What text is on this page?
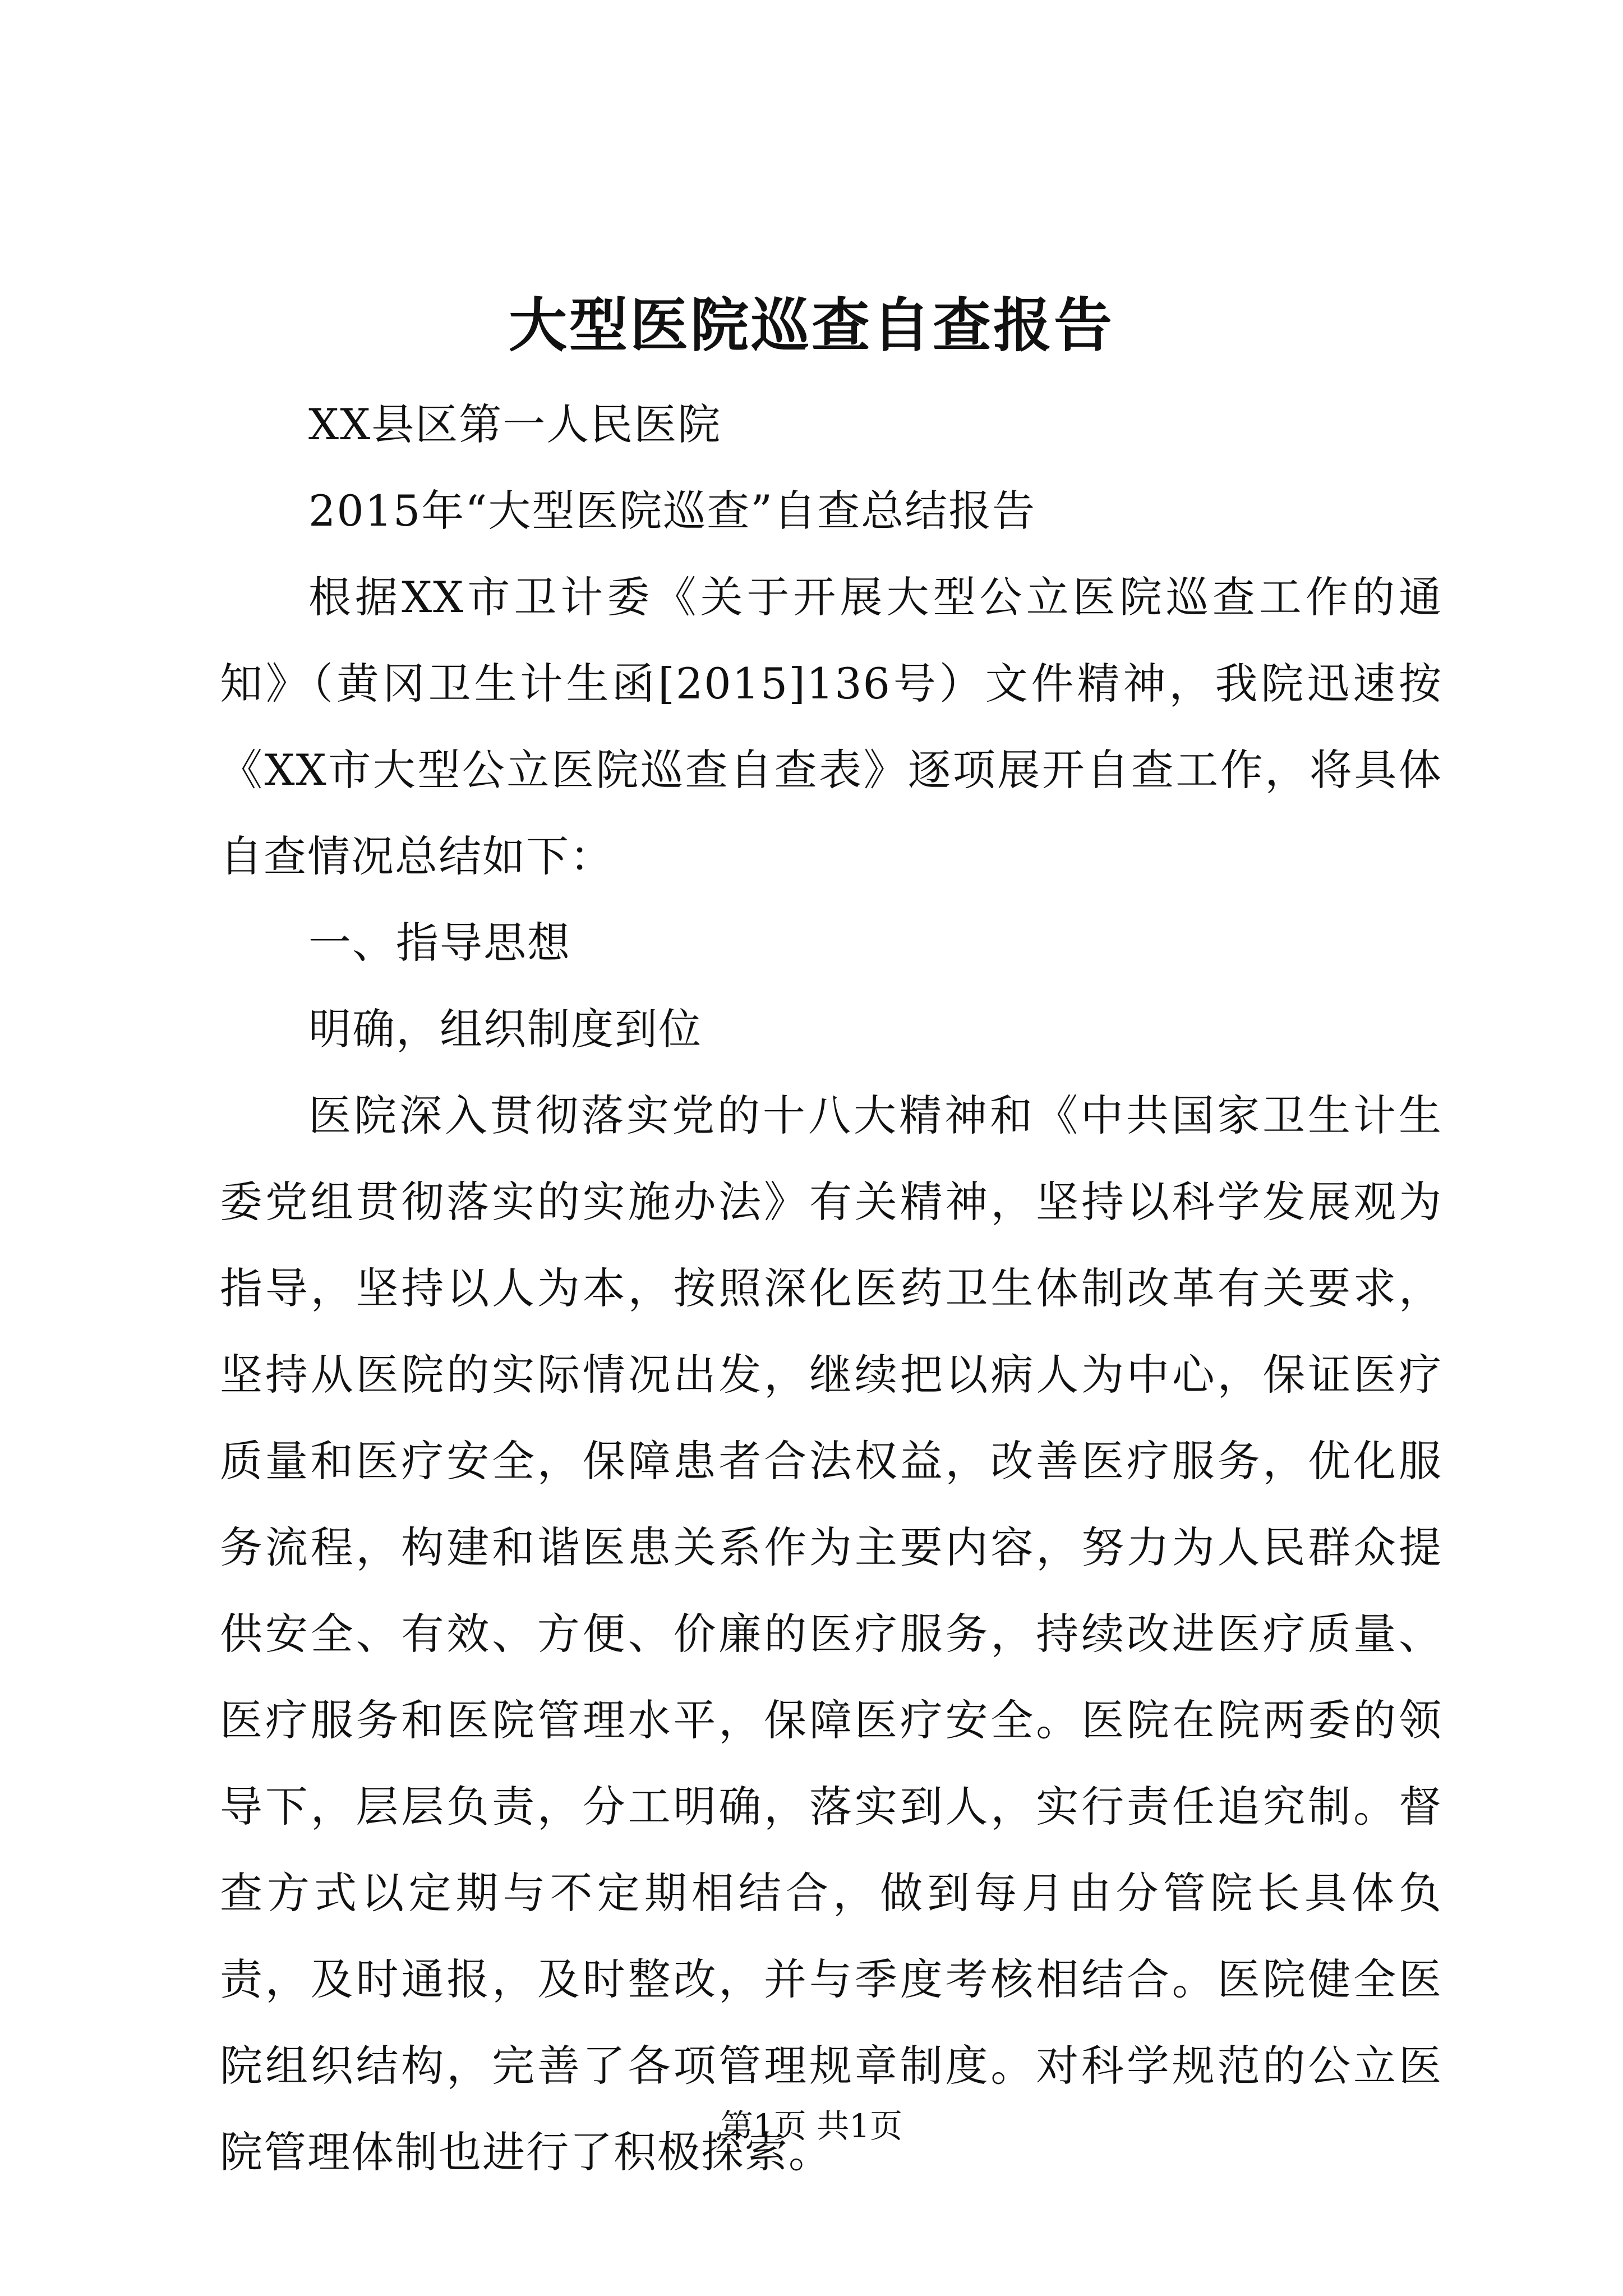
大型医院巡查自查报告

XX县区第一人民医院

2015年“大型医院巡查”自查总结报告

根据XX市卫计委《关于开展大型公立医院巡查工作的通知》（黄冈卫生计生函[2015]136号）文件精神，我院迅速按《XX市大型公立医院巡查自查表》逐项展开自查工作，将具体自查情况总结如下：

一、指导思想

明确，组织制度到位

医院深入贯彻落实党的十八大精神和《中共国家卫生计生委党组贯彻落实的实施办法》有关精神，坚持以科学发展观为指导，坚持以人为本，按照深化医药卫生体制改革有关要求，坚持从医院的实际情况出发，继续把以病人为中心，保证医疗质量和医疗安全，保障患者合法权益，改善医疗服务，优化服务流程，构建和谐医患关系作为主要内容，努力为人民群众提供安全、有效、方便、价廉的医疗服务，持续改进医疗质量、医疗服务和医院管理水平，保障医疗安全。医院在院两委的领导下，层层负责，分工明确，落实到人，实行责任追究制。督查方式以定期与不定期相结合，做到每月由分管院长具体负责，及时通报，及时整改，并与季度考核相结合。医院健全医院组织结构，完善了各项管理规章制度。对科学规范的公立医院管理体制也进行了积极探索。

第1页 共1页
